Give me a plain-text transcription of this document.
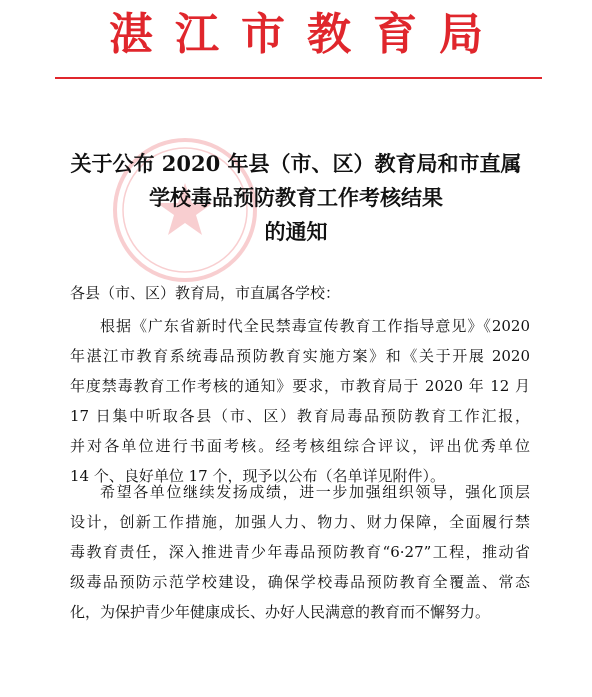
湛江市教育局
关于公布 2020 年县（市、区）教育局和市直属
学校毒品预防教育工作考核结果
的通知
各县（市、区）教育局，市直属各学校：
根据《广东省新时代全民禁毒宣传教育工作指导意见》《2020
年湛江市教育系统毒品预防教育实施方案》和《关于开展 2020
年度禁毒教育工作考核的通知》要求，市教育局于 2020 年 12 月
17 日集中听取各县（市、区）教育局毒品预防教育工作汇报，
并对各单位进行书面考核。经考核组综合评议，评出优秀单位
14 个、良好单位 17 个，现予以公布（名单详见附件）。
希望各单位继续发扬成绩，进一步加强组织领导，强化顶层
设计，创新工作措施，加强人力、物力、财力保障，全面履行禁
毒教育责任，深入推进青少年毒品预防教育“6·27”工程，推动省
级毒品预防示范学校建设，确保学校毒品预防教育全覆盖、常态
化，为保护青少年健康成长、办好人民满意的教育而不懈努力。
